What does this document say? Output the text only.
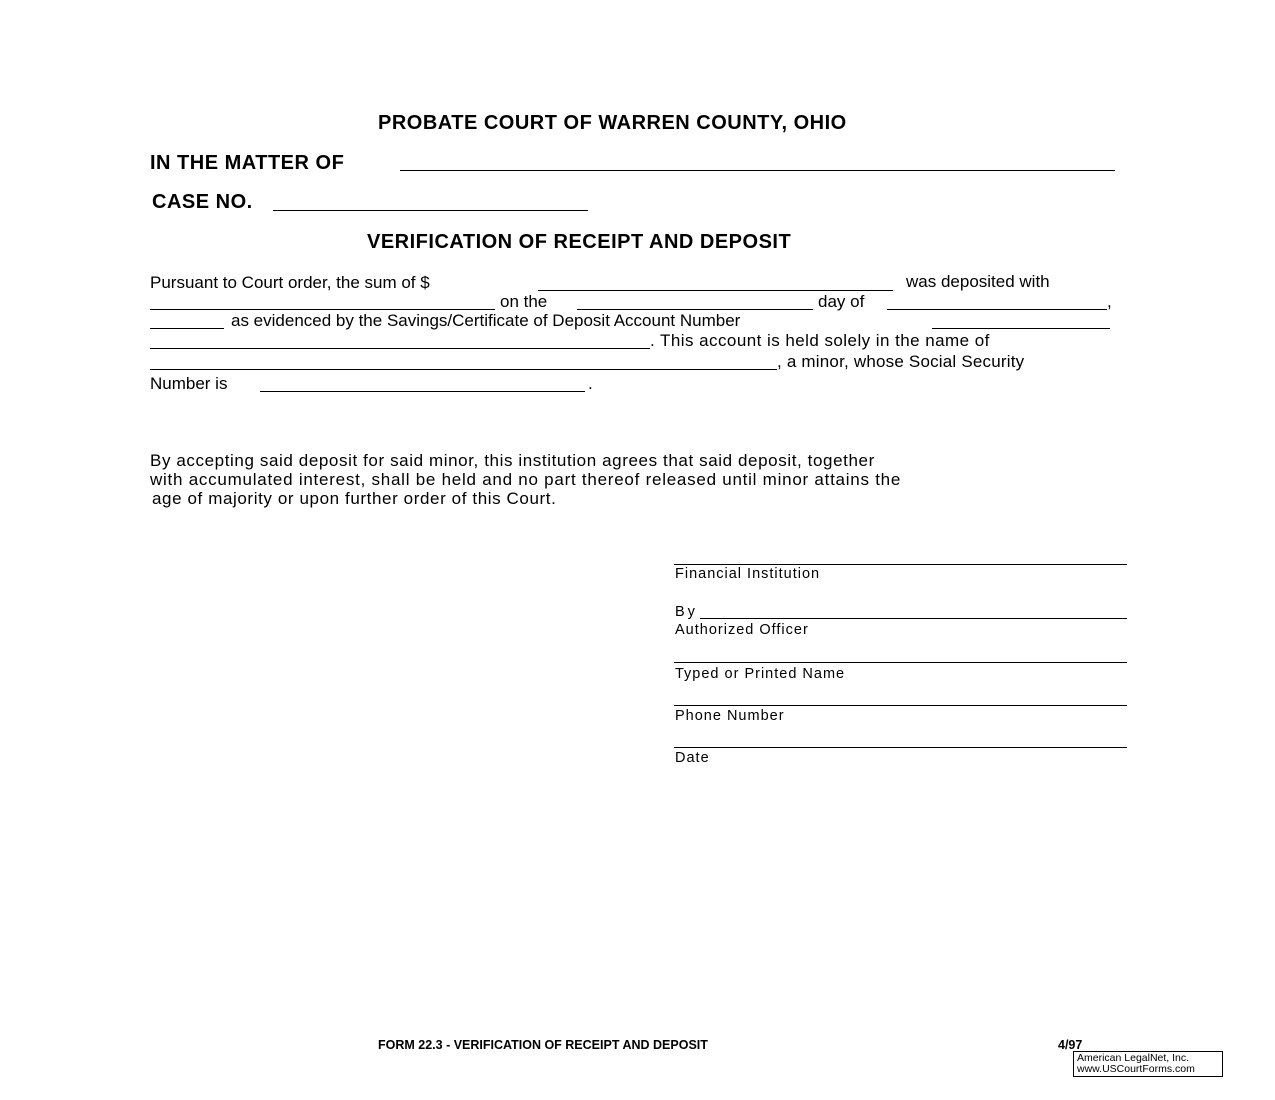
PROBATE COURT OF WARREN COUNTY, OHIO
IN THE MATTER OF
CASE NO.
VERIFICATION OF RECEIPT AND DEPOSIT
Pursuant to Court order, the sum of $	was deposited with
on the	day of	,
as evidenced by the Savings/Certificate of Deposit Account Number
. This account is held solely in the name of
, a minor, whose Social Security
Number is	.
By accepting said deposit for said minor, this institution agrees that said deposit, together
with accumulated interest, shall be held and no part thereof released until minor attains the
age of majority or upon further order of this Court.
Financial Institution
By
Authorized Officer
Typed or Printed Name
Phone Number
Date
FORM 22.3 - VERIFICATION OF RECEIPT AND DEPOSIT	4/97
American LegalNet, Inc.
www.USCourtForms.com
